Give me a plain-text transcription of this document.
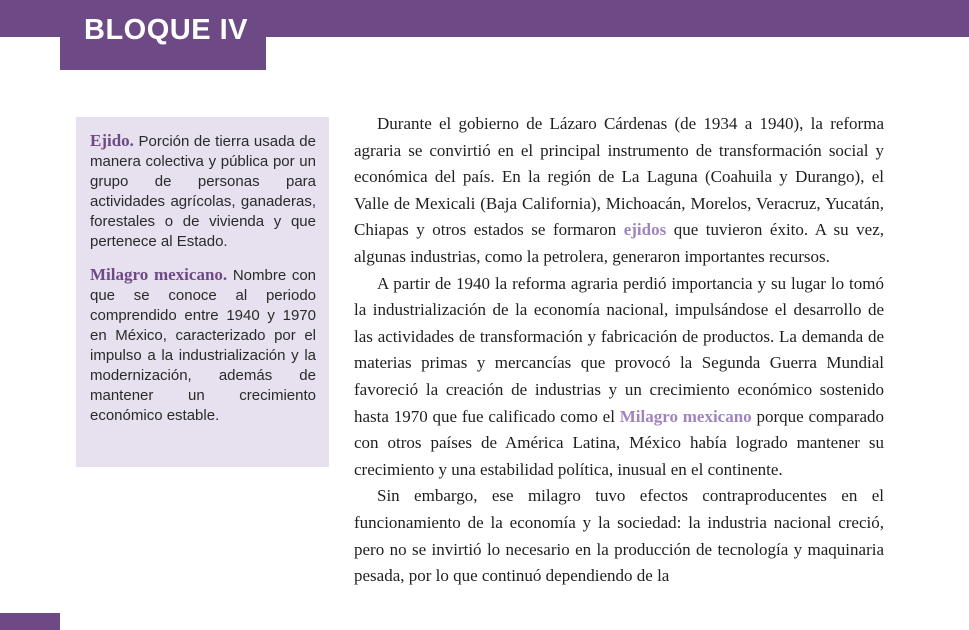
BLOQUE IV

Ejido. Porción de tierra usada de manera colectiva y pública por un grupo de personas para actividades agrícolas, ganaderas, forestales o de vivienda y que pertenece al Estado.

Milagro mexicano. Nombre con que se conoce al periodo comprendido entre 1940 y 1970 en México, caracterizado por el impulso a la industrialización y la modernización, además de mantener un crecimiento económico estable.

Durante el gobierno de Lázaro Cárdenas (de 1934 a 1940), la reforma agraria se convirtió en el principal instrumento de transformación social y económica del país. En la región de La Laguna (Coahuila y Durango), el Valle de Mexicali (Baja California), Michoacán, Morelos, Veracruz, Yucatán, Chiapas y otros estados se formaron ejidos que tuvieron éxito. A su vez, algunas industrias, como la petrolera, generaron importantes recursos.

A partir de 1940 la reforma agraria perdió importancia y su lugar lo tomó la industrialización de la economía nacional, impulsándose el desarrollo de las actividades de transformación y fabricación de productos. La demanda de materias primas y mercancías que provocó la Segunda Guerra Mundial favoreció la creación de industrias y un crecimiento económico sostenido hasta 1970 que fue calificado como el Milagro mexicano porque comparado con otros países de América Latina, México había logrado mantener su crecimiento y una estabilidad política, inusual en el continente.

Sin embargo, ese milagro tuvo efectos contraproducentes en el funcionamiento de la economía y la sociedad: la industria nacional creció, pero no se invirtió lo necesario en la producción de tecnología y maquinaria pesada, por lo que continuó dependiendo de la
